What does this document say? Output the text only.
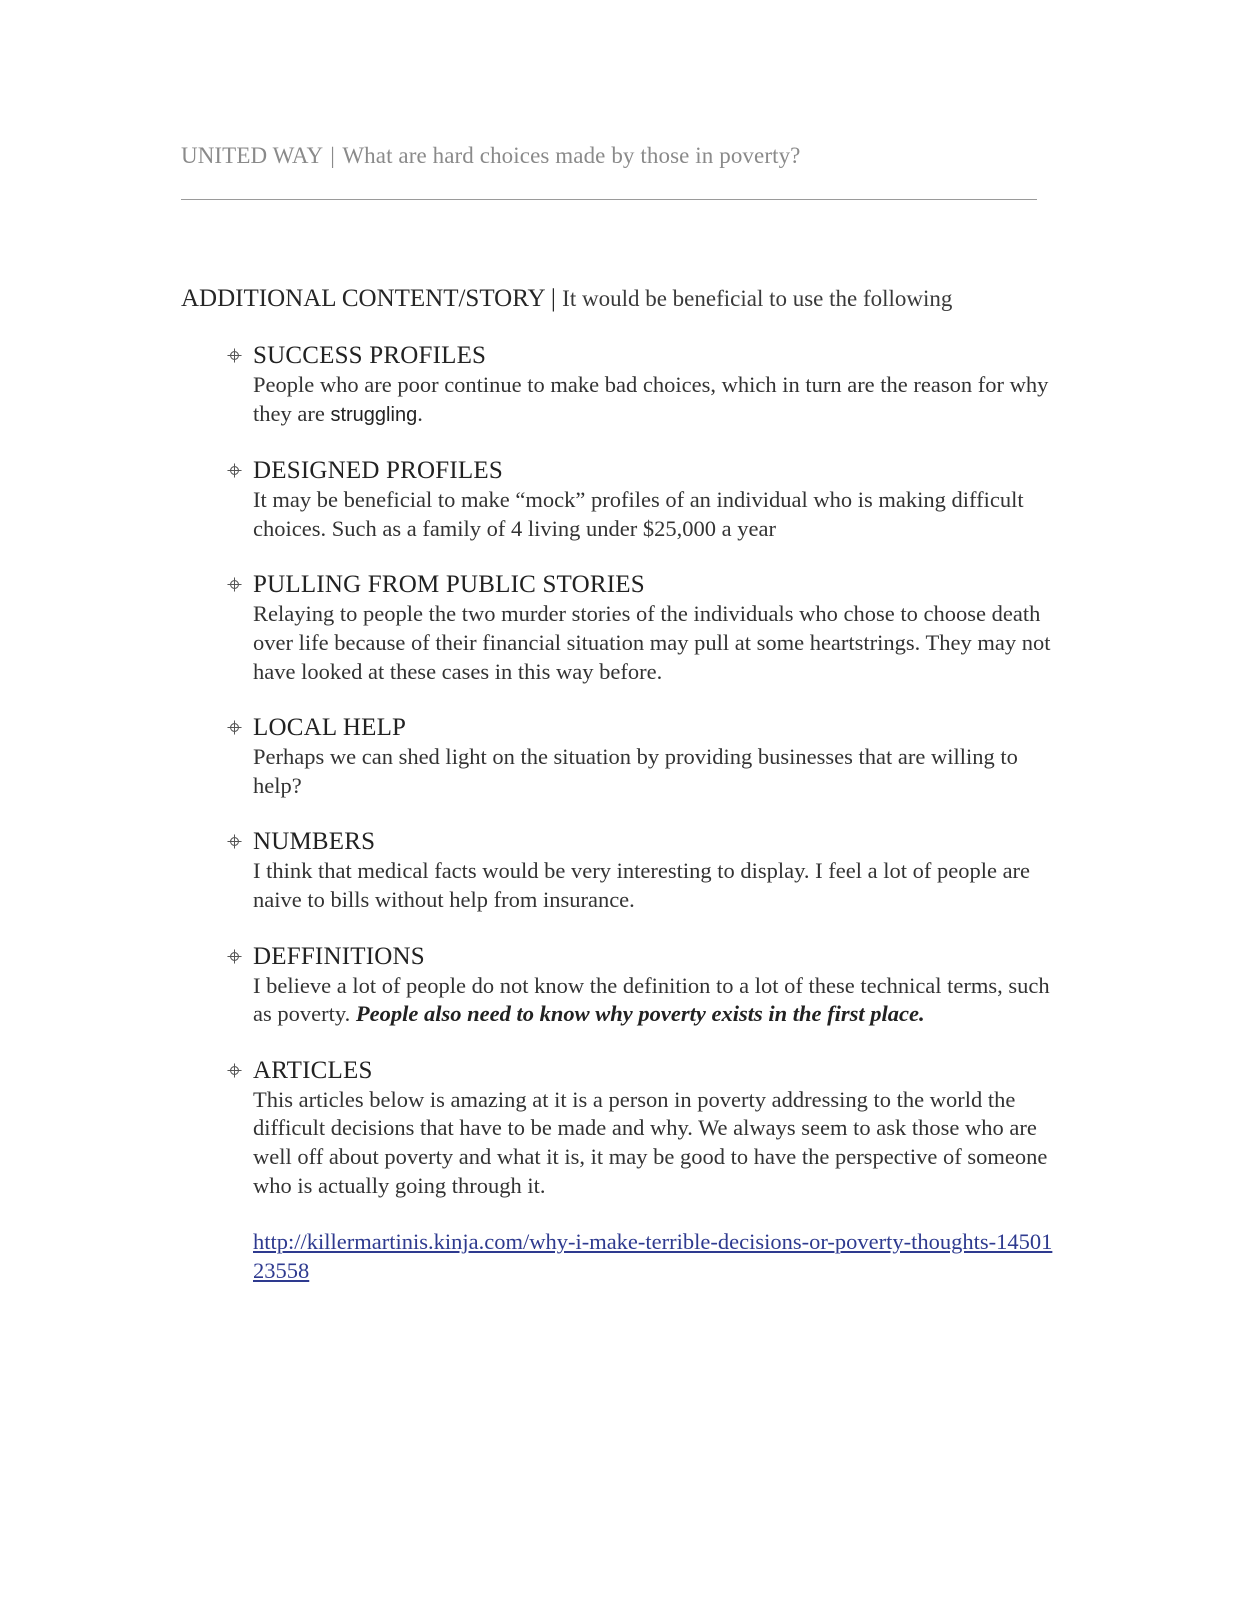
UNITED WAY | What are hard choices made by those in poverty?
ADDITIONAL CONTENT/STORY | It would be beneficial to use the following
SUCCESS PROFILES

People who are poor continue to make bad choices, which in turn are the reason for why they are struggling.

DESIGNED PROFILES

It may be beneficial to make “mock” profiles of an individual who is making difficult choices. Such as a family of 4 living under $25,000 a year

PULLING FROM PUBLIC STORIES

Relaying to people the two murder stories of the individuals who chose to choose death over life because of their financial situation may pull at some heartstrings. They may not have looked at these cases in this way before.

LOCAL HELP

Perhaps we can shed light on the situation by providing businesses that are willing to help?

NUMBERS

I think that medical facts would be very interesting to display. I feel a lot of people are naive to bills without help from insurance.

DEFFINITIONS

I believe a lot of people do not know the definition to a lot of these technical terms, such as poverty. People also need to know why poverty exists in the first place.

ARTICLES

This articles below is amazing at it is a person in poverty addressing to the world the difficult decisions that have to be made and why. We always seem to ask those who are well off about poverty and what it is, it may be good to have the perspective of someone who is actually going through it.

http://killermartinis.kinja.com/why-i-make-terrible-decisions-or-poverty-thoughts-1450123558
